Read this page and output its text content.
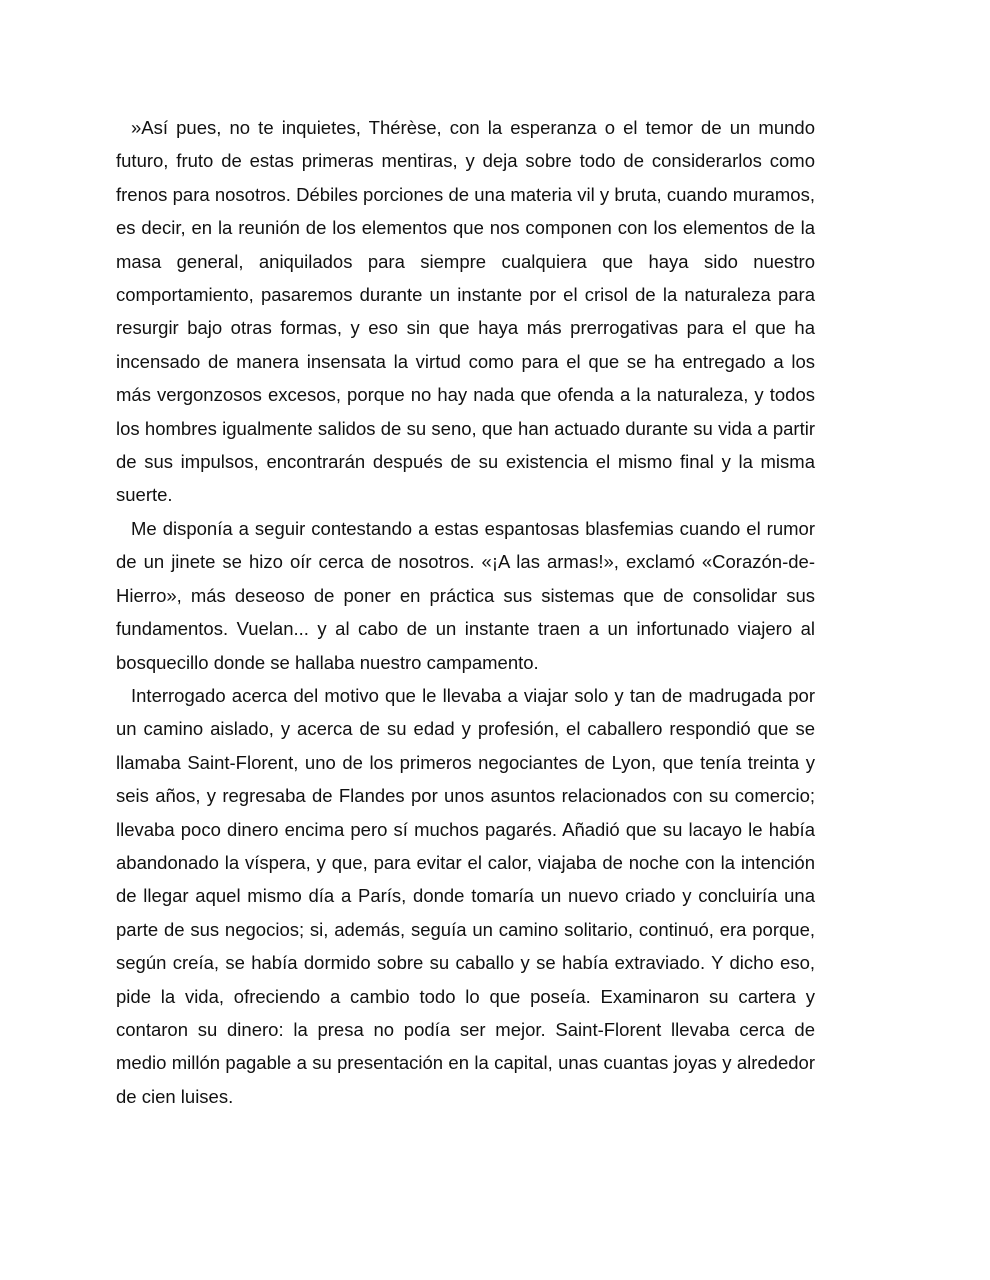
»Así pues, no te inquietes, Thérèse, con la esperanza o el temor de un mundo futuro, fruto de estas primeras mentiras, y deja sobre todo de considerarlos como frenos para nosotros. Débiles porciones de una materia vil y bruta, cuando muramos, es decir, en la reunión de los elementos que nos componen con los elementos de la masa general, aniquilados para siempre cualquiera que haya sido nuestro comportamiento, pasaremos durante un instante por el crisol de la naturaleza para resurgir bajo otras formas, y eso sin que haya más prerrogativas para el que ha incensado de manera insensata la virtud como para el que se ha entregado a los más vergonzosos excesos, porque no hay nada que ofenda a la naturaleza, y todos los hombres igualmente salidos de su seno, que han actuado durante su vida a partir de sus impulsos, encontrarán después de su existencia el mismo final y la misma suerte.

Me disponía a seguir contestando a estas espantosas blasfemias cuando el rumor de un jinete se hizo oír cerca de nosotros. «¡A las armas!», exclamó «Corazón-de-Hierro», más deseoso de poner en práctica sus sistemas que de consolidar sus fundamentos. Vuelan... y al cabo de un instante traen a un infortunado viajero al bosquecillo donde se hallaba nuestro campamento.

Interrogado acerca del motivo que le llevaba a viajar solo y tan de madrugada por un camino aislado, y acerca de su edad y profesión, el caballero respondió que se llamaba Saint-Florent, uno de los primeros negociantes de Lyon, que tenía treinta y seis años, y regresaba de Flandes por unos asuntos relacionados con su comercio; llevaba poco dinero encima pero sí muchos pagarés. Añadió que su lacayo le había abandonado la víspera, y que, para evitar el calor, viajaba de noche con la intención de llegar aquel mismo día a París, donde tomaría un nuevo criado y concluiría una parte de sus negocios; si, además, seguía un camino solitario, continuó, era porque, según creía, se había dormido sobre su caballo y se había extraviado. Y dicho eso, pide la vida, ofreciendo a cambio todo lo que poseía. Examinaron su cartera y contaron su dinero: la presa no podía ser mejor. Saint-Florent llevaba cerca de medio millón pagable a su presentación en la capital, unas cuantas joyas y alrededor de cien luises.
